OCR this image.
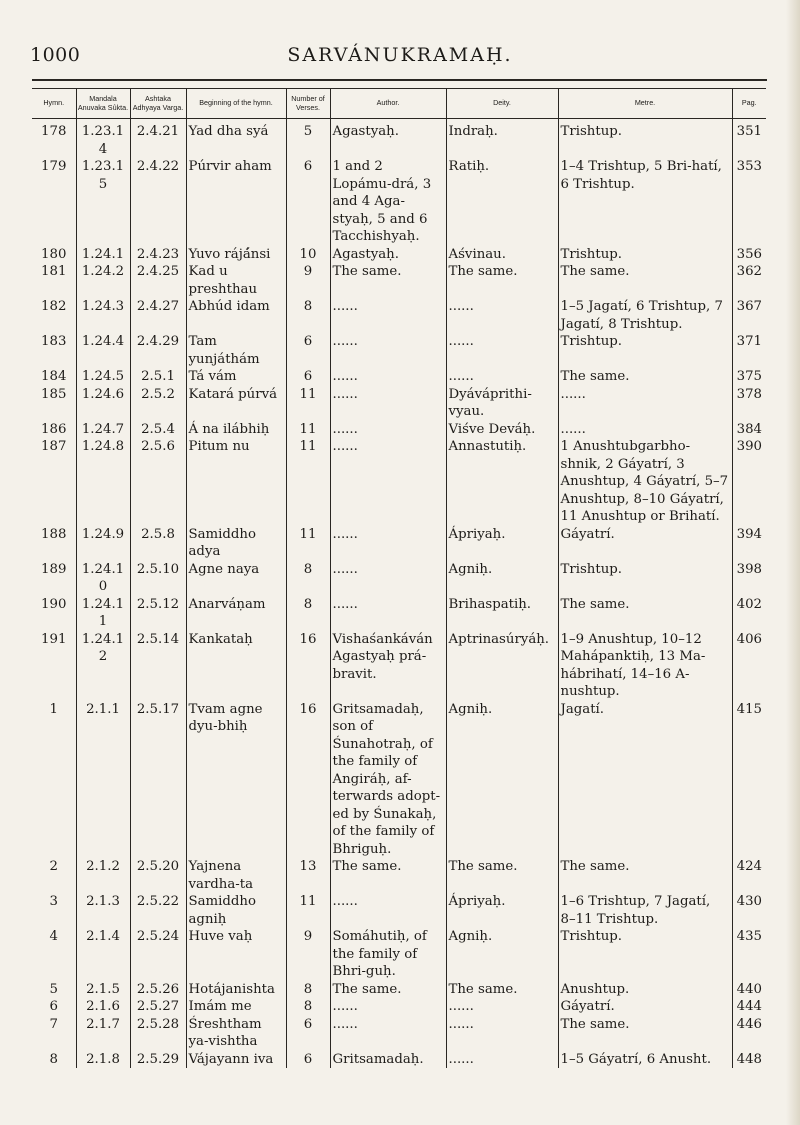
1000	SARVÁNUKRAMAḤ.
Hymn.	Mandala Anuvaka Sûkta.	Ashtaka Adhyaya Varga.	Beginning of the hymn.	Number of Verses.	Author.	Deity.	Metre.	Pag.
178	1.23.14	2.4.21	Yad dha syá	5	Agastyaḥ.	Indraḥ.	Trishtup.	351
179	1.23.15	2.4.22	Púrvir aham	6	1 and 2 Lopámu-drá, 3 and 4 Aga-styaḥ, 5 and 6 Tacchishyaḥ.	Ratiḥ.	1–4 Trishtup, 5 Bri-hatí, 6 Trishtup.	353
180	1.24.1	2.4.23	Yuvo rájá́nsi	10	Agastyaḥ.	Aśvinau.	Trishtup.	356
181	1.24.2	2.4.25	Kad u preshthau	9	The same.	The same.	The same.	362
182	1.24.3	2.4.27	Abhúd idam	8	......	......	1–5 Jagatí, 6 Trishtup, 7 Jagatí, 8 Trishtup.	367
183	1.24.4	2.4.29	Tam yunjáthám	6	......	......	Trishtup.	371
184	1.24.5	2.5.1	Tá vám	6	......	......	The same.	375
185	1.24.6	2.5.2	Katará púrvá	11	......	Dyáváprithi-vyau.	......	378
186	1.24.7	2.5.4	Á na ilábhiḥ	11	......	Viśve Deváḥ.	......	384
187	1.24.8	2.5.6	Pitum nu	11	......	Annastutiḥ.	1 Anushtubgarbho-shnik, 2 Gáyatrí, 3 Anushtup, 4 Gáyatrí, 5–7 Anushtup, 8–10 Gáyatrí, 11 Anushtup or Brihatí.	390
188	1.24.9	2.5.8	Samiddho adya	11	......	Ápriyaḥ.	Gáyatrí.	394
189	1.24.10	2.5.10	Agne naya	8	......	Agniḥ.	Trishtup.	398
190	1.24.11	2.5.12	Anarváṇam	8	......	Brihaspatiḥ.	The same.	402
191	1.24.12	2.5.14	Kankataḥ	16	Vishaśankáván Agastyaḥ prá-bravit.	Aptrinasúryáḥ.	1–9 Anushtup, 10–12 Mahápanktiḥ, 13 Ma-hábrihatí, 14–16 A-nushtup.	406
1	2.1.1	2.5.17	Tvam agne dyu-bhiḥ	16	Gritsamadaḥ, son of Śunahotraḥ, of the family of Angiráḥ, af-terwards adopt-ed by Śunakaḥ, of the family of Bhriguḥ.	Agniḥ.	Jagatí.	415
2	2.1.2	2.5.20	Yajnena vardha-ta	13	The same.	The same.	The same.	424
3	2.1.3	2.5.22	Samiddho agniḥ	11	......	Ápriyaḥ.	1–6 Trishtup, 7 Jagatí, 8–11 Trishtup.	430
4	2.1.4	2.5.24	Huve vaḥ	9	Somáhutiḥ, of the family of Bhri-guḥ.	Agniḥ.	Trishtup.	435
5	2.1.5	2.5.26	Hotájanishta	8	The same.	The same.	Anushtup.	440
6	2.1.6	2.5.27	Imám me	8	......	......	Gáyatrí.	444
7	2.1.7	2.5.28	Śreshtham ya-vishtha	6	......	......	The same.	446
8	2.1.8	2.5.29	Vájayann iva	6	Gritsamadaḥ.	......	1–5 Gáyatrí, 6 Anusht.	448
